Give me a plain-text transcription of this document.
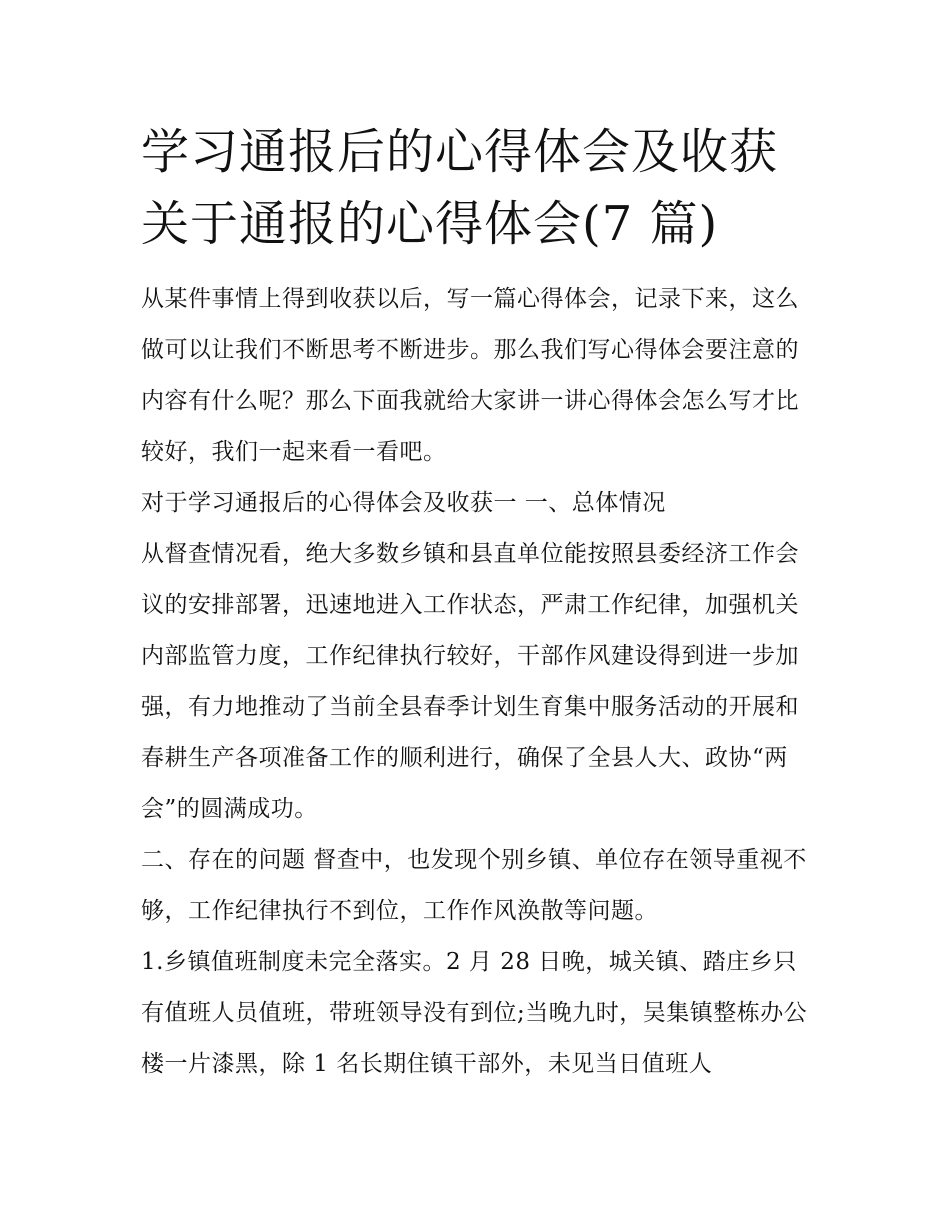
学习通报后的心得体会及收获
关于通报的心得体会(7 篇)

从某件事情上得到收获以后，写一篇心得体会，记录下来，这么做可以让我们不断思考不断进步。那么我们写心得体会要注意的内容有什么呢？那么下面我就给大家讲一讲心得体会怎么写才比较好，我们一起来看一看吧。

对于学习通报后的心得体会及收获一 一、总体情况

从督查情况看，绝大多数乡镇和县直单位能按照县委经济工作会议的安排部署，迅速地进入工作状态，严肃工作纪律，加强机关内部监管力度，工作纪律执行较好，干部作风建设得到进一步加强，有力地推动了当前全县春季计划生育集中服务活动的开展和春耕生产各项准备工作的顺利进行，确保了全县人大、政协“两会”的圆满成功。

二、存在的问题 督查中，也发现个别乡镇、单位存在领导重视不够，工作纪律执行不到位，工作作风涣散等问题。

1.乡镇值班制度未完全落实。2 月 28 日晚，城关镇、踏庄乡只有值班人员值班，带班领导没有到位;当晚九时，吴集镇整栋办公楼一片漆黑，除 1 名长期住镇干部外，未见当日值班人
